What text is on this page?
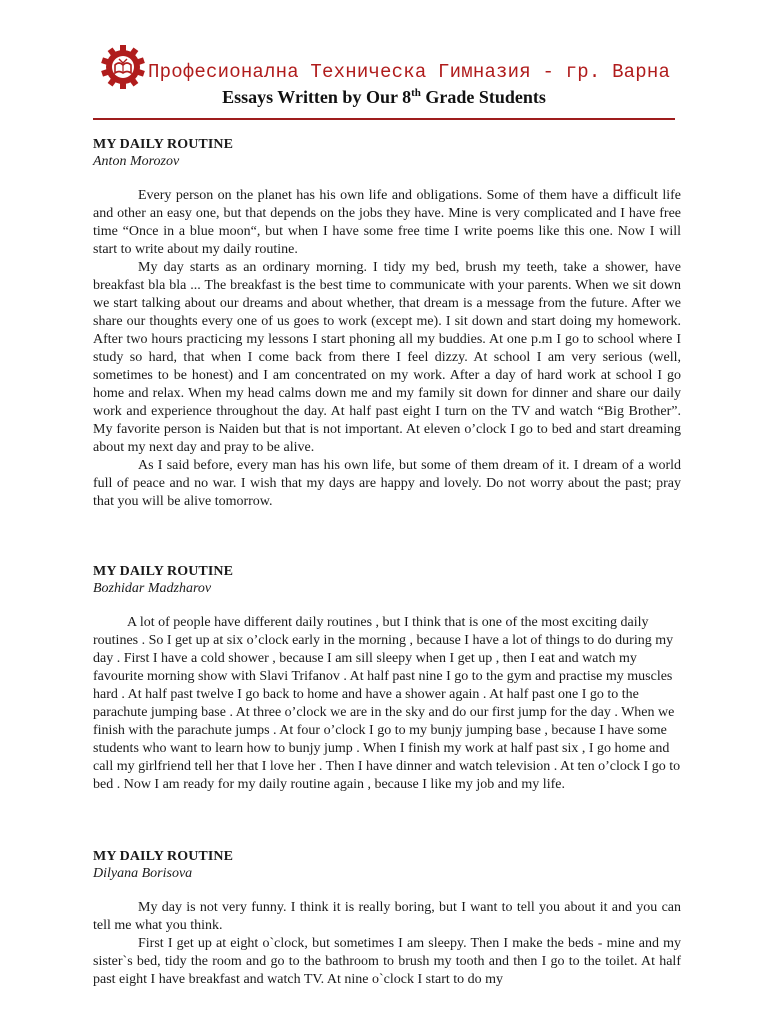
Професионална Техническа Гимназия - гр. Варна
Essays Written by Our 8th Grade Students
MY DAILY ROUTINE
Anton Morozov

Every person on the planet has his own life and obligations. Some of them have a difficult life and other an easy one, but that depends on the jobs they have. Mine is very complicated and I have free time “Once in a blue moon“, but when I have some free time I write poems like this one. Now I will start to write about my daily routine.

My day starts as an ordinary morning. I tidy my bed, brush my teeth, take a shower, have breakfast bla bla ... The breakfast is the best time to communicate with your parents. When we sit down we start talking about our dreams and about whether, that dream is a message from the future. After we share our thoughts every one of us goes to work (except me). I sit down and start doing my homework. After two hours practicing my lessons I start phoning all my buddies. At one p.m I go to school where I study so hard, that when I come back from there I feel dizzy. At school I am very serious (well, sometimes to be honest) and I am concentrated on my work. After a day of hard work at school I go home and relax. When my head calms down me and my family sit down for dinner and share our daily work and experience throughout the day. At half past eight I turn on the TV and watch “Big Brother”. My favorite person is Naiden but that is not important. At eleven o’clock I go to bed and start dreaming about my next day and pray to be alive.

As I said before, every man has his own life, but some of them dream of it. I dream of a world full of peace and no war. I wish that my days are happy and lovely. Do not worry about the past; pray that you will be alive tomorrow.

MY DAILY ROUTINE
Bozhidar Madzharov

A lot of people have different daily routines , but I think that is one of the most exciting daily routines . So I get up at six o’clock early in the morning , because I have a lot of things to do during my day . First I have a cold shower , because I am sill sleepy when I get up , then I eat and watch my favourite morning show with Slavi Trifanov . At half past nine I go to the gym and practise my muscles hard . At half past twelve I go back to home and have a shower again . At half past one I go to the parachute jumping base . At three o’clock we are in the sky and do our first jump for the day . When we finish with the parachute jumps . At four o’clock I go to my bunjy jumping base , because I have some students who want to learn how to bunjy jump . When I finish my work at half past six , I go home and call my girlfriend tell her that I love her . Then I have dinner and watch television . At ten o’clock I go to bed . Now I am ready for my daily routine again , because I like my job and my life.

MY DAILY ROUTINE
Dilyana Borisova

My day is not very funny. I think it is really boring, but I want to tell you about it and you can tell me what you think.

First I get up at eight o`clock, but sometimes I am sleepy. Then I make the beds - mine and my sister`s bed, tidy the room and go to the bathroom to brush my tooth and then I go to the toilet. At half past eight I have breakfast and watch TV. At nine o`clock I start to do my
